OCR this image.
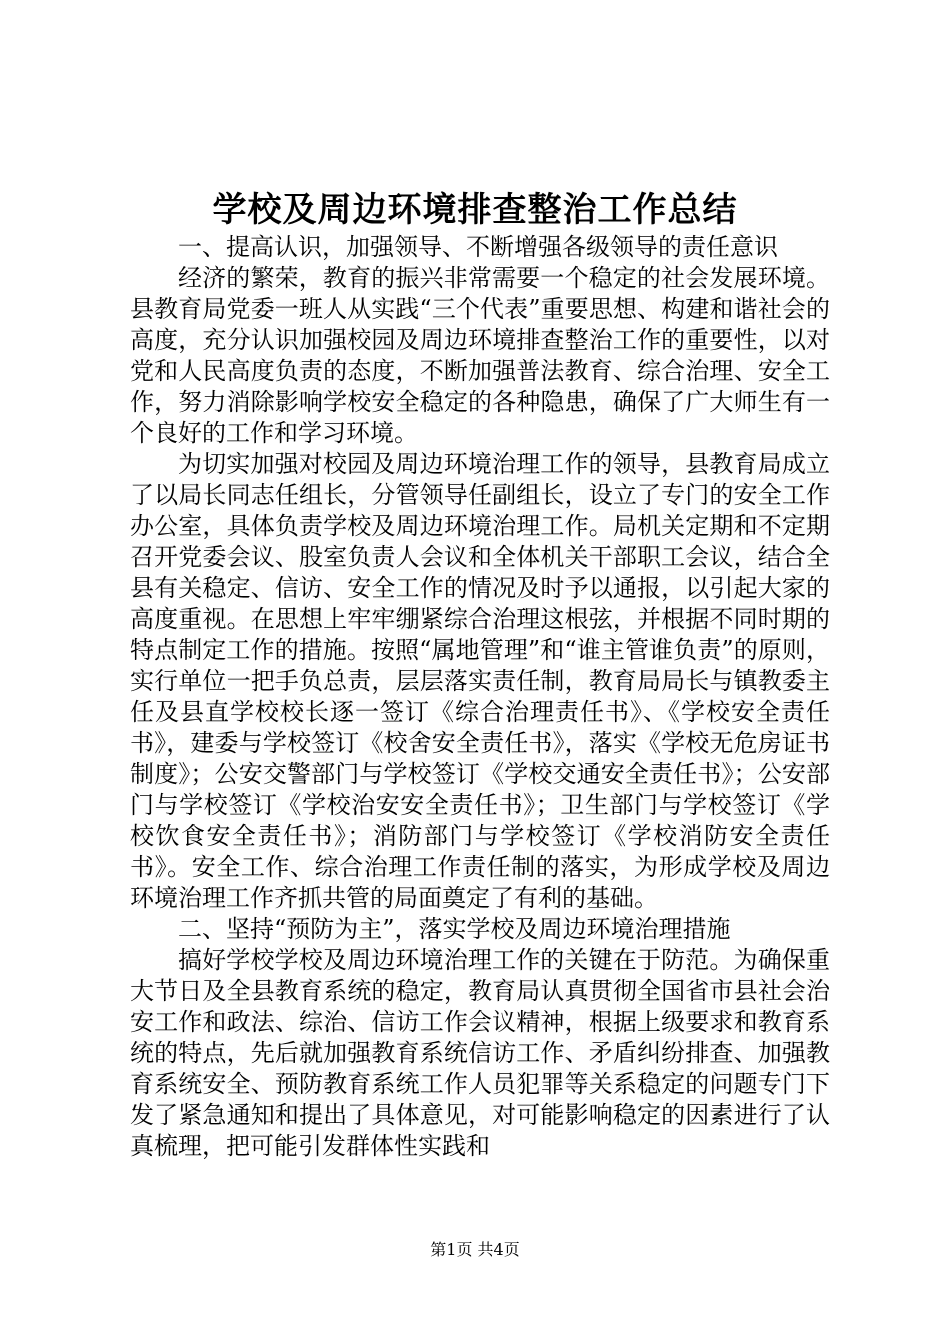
学校及周边环境排查整治工作总结

一、提高认识，加强领导、不断增强各级领导的责任意识

经济的繁荣，教育的振兴非常需要一个稳定的社会发展环境。县教育局党委一班人从实践“三个代表”重要思想、构建和谐社会的高度，充分认识加强校园及周边环境排查整治工作的重要性，以对党和人民高度负责的态度，不断加强普法教育、综合治理、安全工作，努力消除影响学校安全稳定的各种隐患，确保了广大师生有一个良好的工作和学习环境。

为切实加强对校园及周边环境治理工作的领导，县教育局成立了以局长同志任组长，分管领导任副组长，设立了专门的安全工作办公室，具体负责学校及周边环境治理工作。局机关定期和不定期召开党委会议、股室负责人会议和全体机关干部职工会议，结合全县有关稳定、信访、安全工作的情况及时予以通报，以引起大家的高度重视。在思想上牢牢绷紧综合治理这根弦，并根据不同时期的特点制定工作的措施。按照“属地管理”和“谁主管谁负责”的原则，实行单位一把手负总责，层层落实责任制，教育局局长与镇教委主任及县直学校校长逐一签订《综合治理责任书》、《学校安全责任书》，建委与学校签订《校舍安全责任书》，落实《学校无危房证书制度》；公安交警部门与学校签订《学校交通安全责任书》；公安部门与学校签订《学校治安安全责任书》；卫生部门与学校签订《学校饮食安全责任书》；消防部门与学校签订《学校消防安全责任书》。安全工作、综合治理工作责任制的落实，为形成学校及周边环境治理工作齐抓共管的局面奠定了有利的基础。

二、坚持“预防为主”，落实学校及周边环境治理措施

搞好学校学校及周边环境治理工作的关键在于防范。为确保重大节日及全县教育系统的稳定，教育局认真贯彻全国省市县社会治安工作和政法、综治、信访工作会议精神，根据上级要求和教育系统的特点，先后就加强教育系统信访工作、矛盾纠纷排查、加强教育系统安全、预防教育系统工作人员犯罪等关系稳定的问题专门下发了紧急通知和提出了具体意见，对可能影响稳定的因素进行了认真梳理，把可能引发群体性实践和

第1页 共4页
